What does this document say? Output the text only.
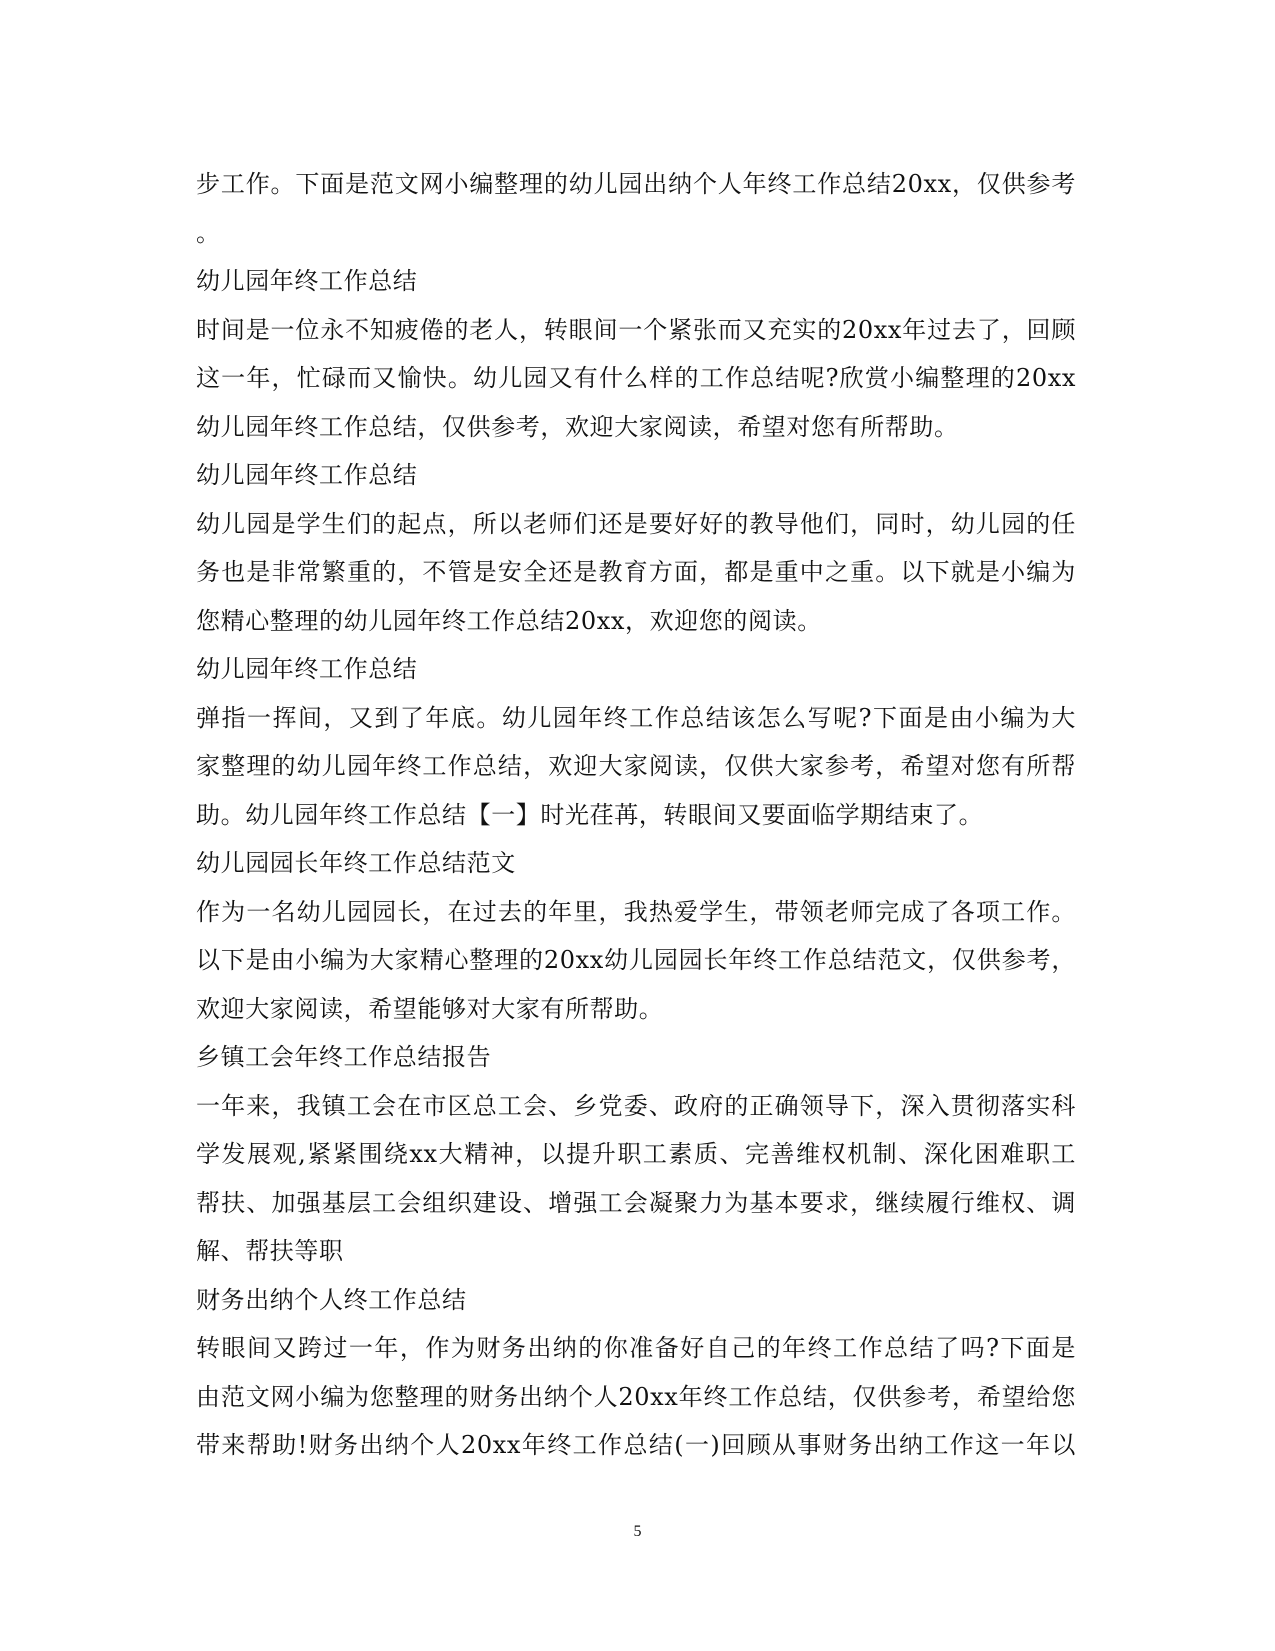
步工作。下面是范文网小编整理的幼儿园出纳个人年终工作总结20xx，仅供参考
。
幼儿园年终工作总结
时间是一位永不知疲倦的老人，转眼间一个紧张而又充实的20xx年过去了，回顾
这一年，忙碌而又愉快。幼儿园又有什么样的工作总结呢?欣赏小编整理的20xx
幼儿园年终工作总结，仅供参考，欢迎大家阅读，希望对您有所帮助。
幼儿园年终工作总结
幼儿园是学生们的起点，所以老师们还是要好好的教导他们，同时，幼儿园的任
务也是非常繁重的，不管是安全还是教育方面，都是重中之重。以下就是小编为
您精心整理的幼儿园年终工作总结20xx，欢迎您的阅读。
幼儿园年终工作总结
弹指一挥间，又到了年底。幼儿园年终工作总结该怎么写呢?下面是由小编为大
家整理的幼儿园年终工作总结，欢迎大家阅读，仅供大家参考，希望对您有所帮
助。幼儿园年终工作总结【一】时光荏苒，转眼间又要面临学期结束了。
幼儿园园长年终工作总结范文
作为一名幼儿园园长，在过去的年里，我热爱学生，带领老师完成了各项工作。
以下是由小编为大家精心整理的20xx幼儿园园长年终工作总结范文，仅供参考，
欢迎大家阅读，希望能够对大家有所帮助。
乡镇工会年终工作总结报告
一年来，我镇工会在市区总工会、乡党委、政府的正确领导下，深入贯彻落实科
学发展观,紧紧围绕xx大精神，以提升职工素质、完善维权机制、深化困难职工
帮扶、加强基层工会组织建设、增强工会凝聚力为基本要求，继续履行维权、调
解、帮扶等职
财务出纳个人终工作总结
转眼间又跨过一年，作为财务出纳的你准备好自己的年终工作总结了吗?下面是
由范文网小编为您整理的财务出纳个人20xx年终工作总结，仅供参考，希望给您
带来帮助!财务出纳个人20xx年终工作总结(一)回顾从事财务出纳工作这一年以
5
